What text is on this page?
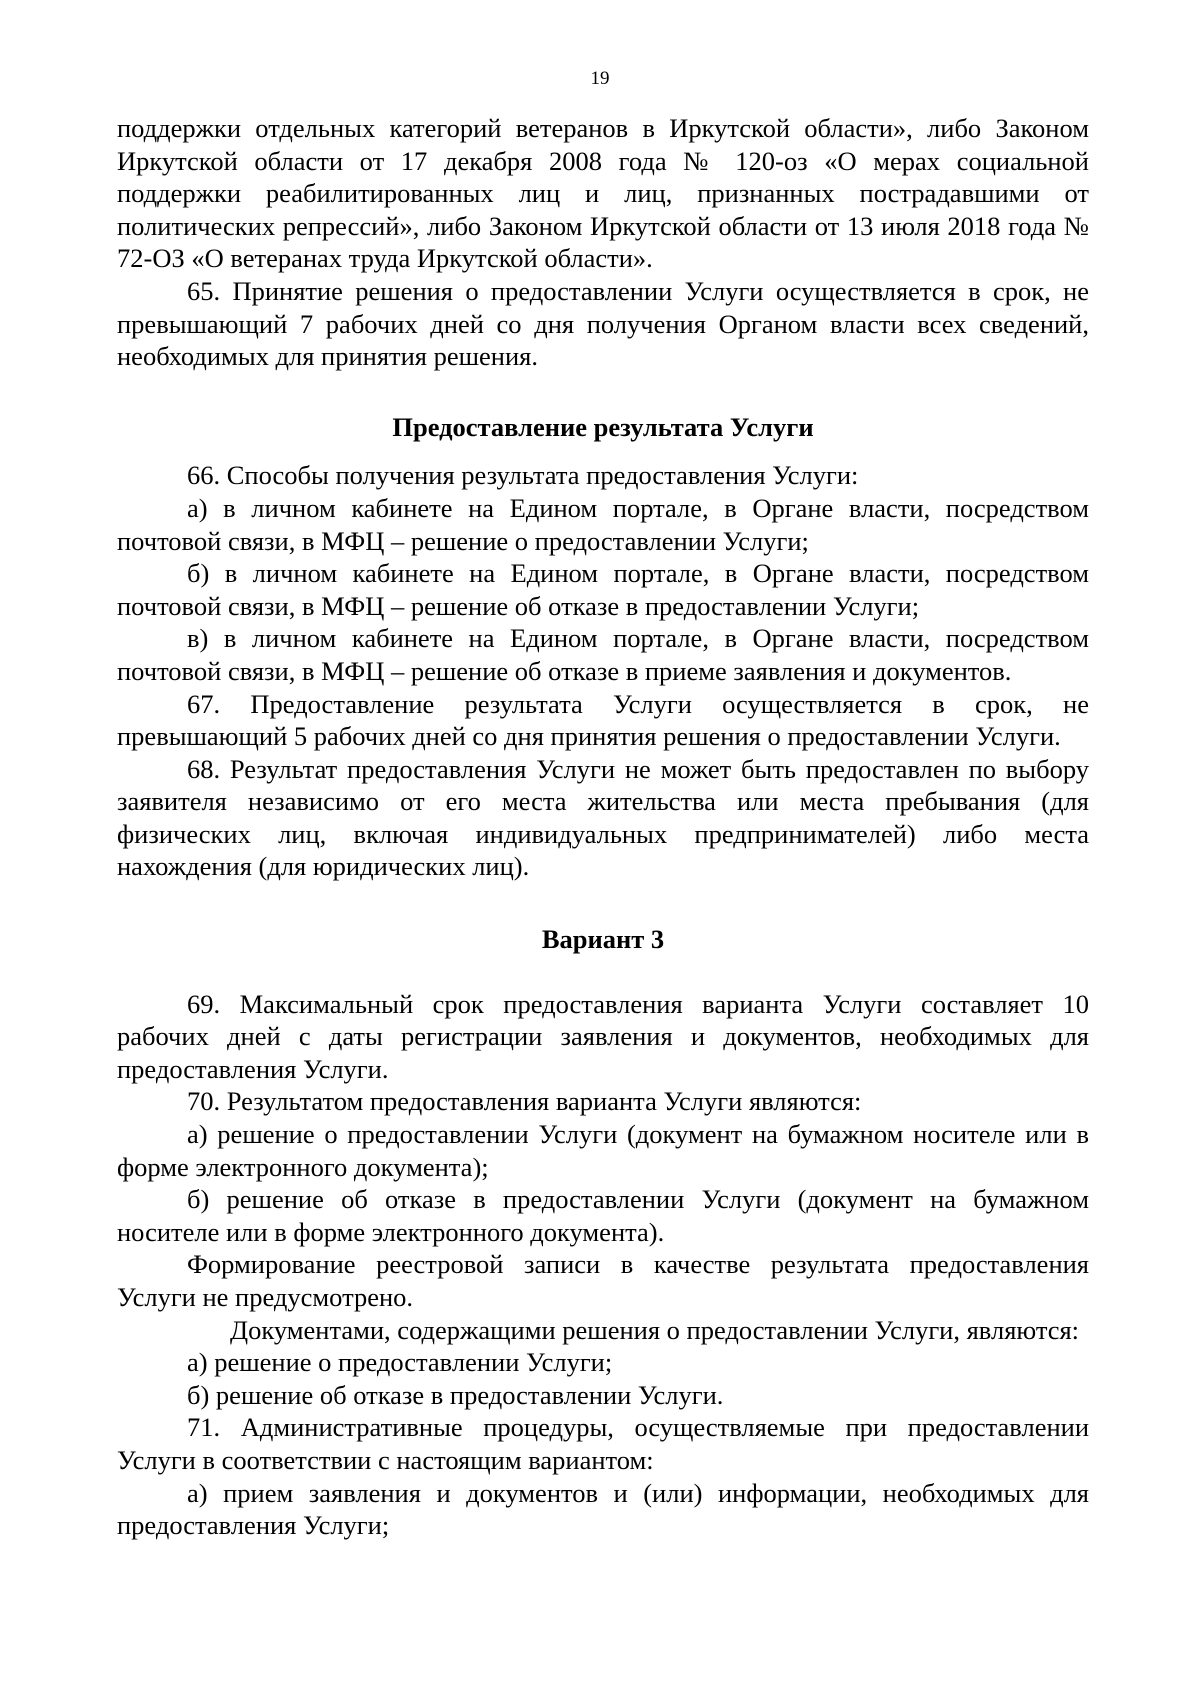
19

поддержки отдельных категорий ветеранов в Иркутской области», либо Законом Иркутской области от 17 декабря 2008 года № 120-оз «О мерах социальной поддержки реабилитированных лиц и лиц, признанных пострадавшими от политических репрессий», либо Законом Иркутской области от 13 июля 2018 года № 72-ОЗ «О ветеранах труда Иркутской области».

65. Принятие решения о предоставлении Услуги осуществляется в срок, не превышающий 7 рабочих дней со дня получения Органом власти всех сведений, необходимых для принятия решения.

Предоставление результата Услуги

66. Способы получения результата предоставления Услуги:

а) в личном кабинете на Едином портале, в Органе власти, посредством почтовой связи, в МФЦ – решение о предоставлении Услуги;

б) в личном кабинете на Едином портале, в Органе власти, посредством почтовой связи, в МФЦ – решение об отказе в предоставлении Услуги;

в) в личном кабинете на Едином портале, в Органе власти, посредством почтовой связи, в МФЦ – решение об отказе в приеме заявления и документов.

67. Предоставление результата Услуги осуществляется в срок, не превышающий 5 рабочих дней со дня принятия решения о предоставлении Услуги.

68. Результат предоставления Услуги не может быть предоставлен по выбору заявителя независимо от его места жительства или места пребывания (для физических лиц, включая индивидуальных предпринимателей) либо места нахождения (для юридических лиц).

Вариант 3

69. Максимальный срок предоставления варианта Услуги составляет 10 рабочих дней с даты регистрации заявления и документов, необходимых для предоставления Услуги.

70. Результатом предоставления варианта Услуги являются:

а) решение о предоставлении Услуги (документ на бумажном носителе или в форме электронного документа);

б) решение об отказе в предоставлении Услуги (документ на бумажном носителе или в форме электронного документа).

Формирование реестровой записи в качестве результата предоставления Услуги не предусмотрено.

Документами, содержащими решения о предоставлении Услуги, являются:

а) решение о предоставлении Услуги;

б) решение об отказе в предоставлении Услуги.

71. Административные процедуры, осуществляемые при предоставлении Услуги в соответствии с настоящим вариантом:

а) прием заявления и документов и (или) информации, необходимых для предоставления Услуги;
